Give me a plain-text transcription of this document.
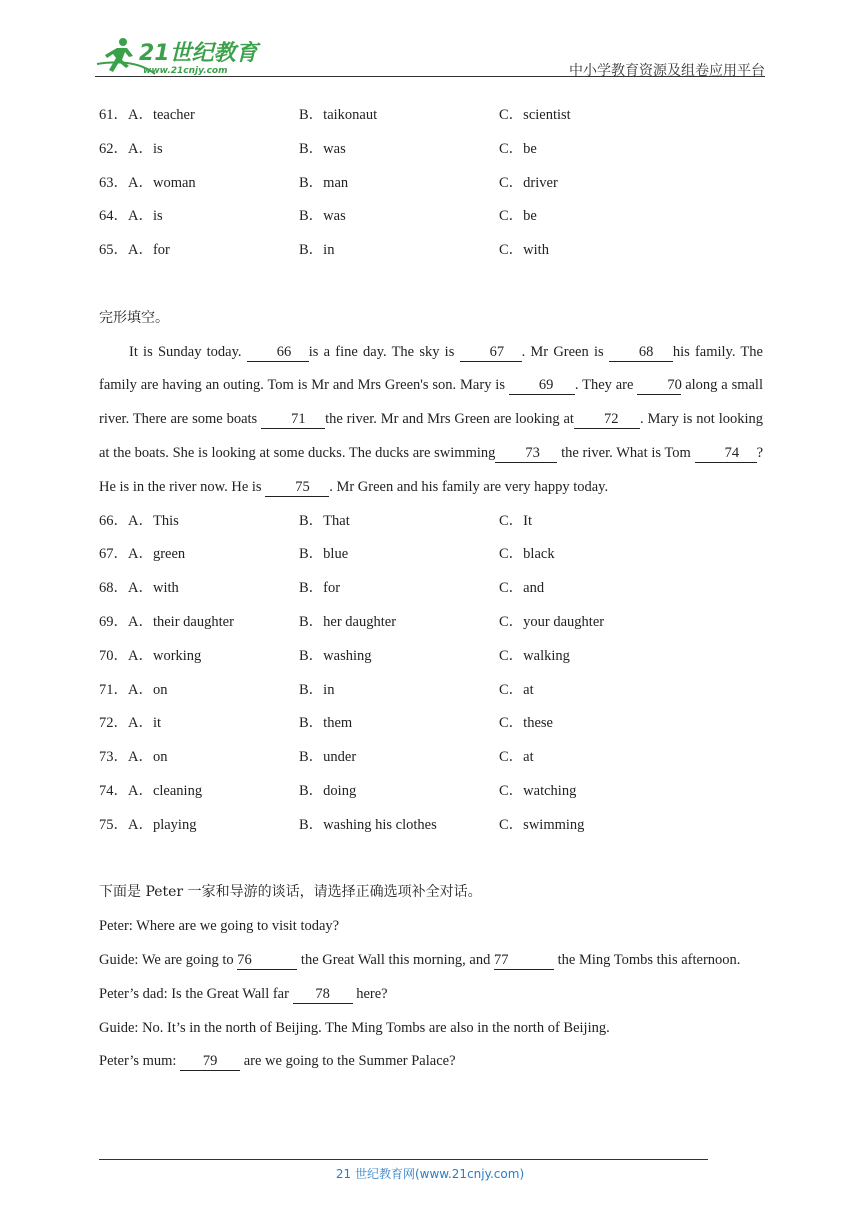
21世纪教育
www.21cnjy.com	中小学教育资源及组卷应用平台
61．A．teacher	B．taikonaut	C．scientist
62．A．is	B．was	C．be
63．A．woman	B．man	C．driver
64．A．is	B．was	C．be
65．A．for	B．in	C．with
完形填空。
It is Sunday today. 66 is a fine day. The sky is 67 . Mr Green is 68 his family. The family are having an outing. Tom is Mr and Mrs Green's son. Mary is 69 . They are 70 along a small river. There are some boats 71 the river. Mr and Mrs Green are looking at 72 . Mary is not looking at the boats. She is looking at some ducks. The ducks are swimming 73 the river. What is Tom 74 ? He is in the river now. He is 75 . Mr Green and his family are very happy today.
66．A．This	B．That	C．It
67．A．green	B．blue	C．black
68．A．with	B．for	C．and
69．A．their daughter	B．her daughter	C．your daughter
70．A．working	B．washing	C．walking
71．A．on	B．in	C．at
72．A．it	B．them	C．these
73．A．on	B．under	C．at
74．A．cleaning	B．doing	C．watching
75．A．playing	B．washing his clothes	C．swimming
下面是 Peter 一家和导游的谈话，请选择正确选项补全对话。
Peter: Where are we going to visit today?
Guide: We are going to 76	the Great Wall this morning, and 77	the Ming Tombs this afternoon.
Peter’s dad: Is the Great Wall far 78 here?
Guide: No. It’s in the north of Beijing. The Ming Tombs are also in the north of Beijing.
Peter’s mum: 79 are we going to the Summer Palace?
21 世纪教育网(www.21cnjy.com)
